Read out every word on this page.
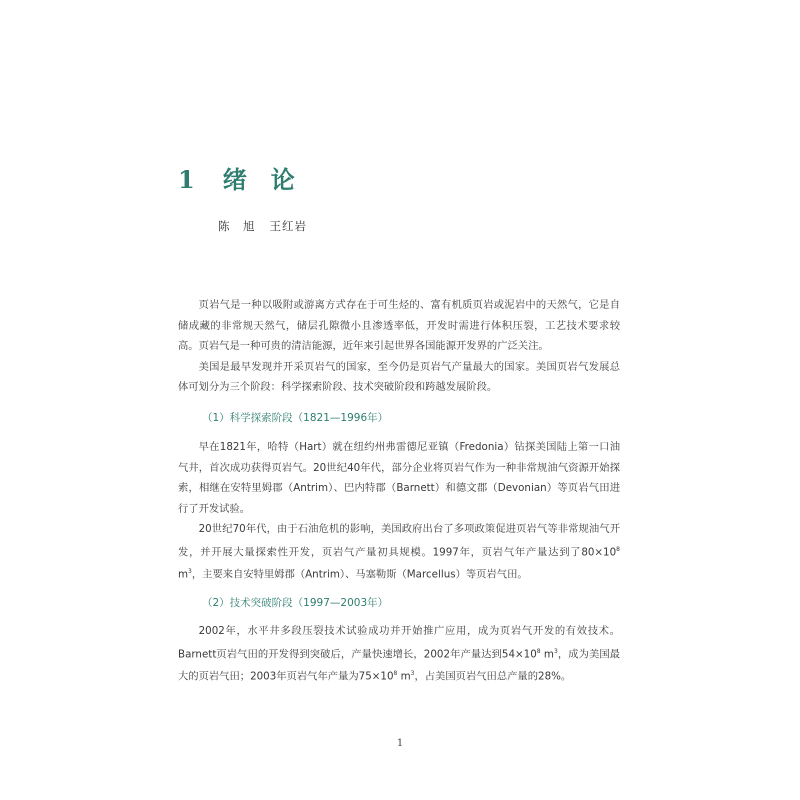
1 绪 论
陈　旭 王红岩

页岩气是一种以吸附或游离方式存在于可生烃的、富有机质页岩或泥岩中的天然气，它是自储成藏的非常规天然气，储层孔隙微小且渗透率低，开发时需进行体积压裂，工艺技术要求较高。页岩气是一种可贵的清洁能源，近年来引起世界各国能源开发界的广泛关注。

美国是最早发现并开采页岩气的国家，至今仍是页岩气产量最大的国家。美国页岩气发展总体可划分为三个阶段：科学探索阶段、技术突破阶段和跨越发展阶段。

（1）科学探索阶段（1821—1996年）

早在1821年，哈特（Hart）就在纽约州弗雷德尼亚镇（Fredonia）钻探美国陆上第一口油气井，首次成功获得页岩气。20世纪40年代，部分企业将页岩气作为一种非常规油气资源开始探索，相继在安特里姆郡（Antrim）、巴内特郡（Barnett）和德文郡（Devonian）等页岩气田进行了开发试验。

20世纪70年代，由于石油危机的影响，美国政府出台了多项政策促进页岩气等非常规油气开发，并开展大量探索性开发，页岩气产量初具规模。1997年，页岩气年产量达到了$80\times 10^8$ $m^3$，主要来自安特里姆郡（Antrim）、马塞勒斯（Marcellus）等页岩气田。

（2）技术突破阶段（1997—2003年）

2002年，水平井多段压裂技术试验成功并开始推广应用，成为页岩气开发的有效技术。Barnett页岩气田的开发得到突破后，产量快速增长，2002年产量达到$54\times 10^8$ $m^3$，成为美国最大的页岩气田；2003年页岩气年产量为$75\times 10^8$ $m^3$，占美国页岩气田总产量的28%。

1
